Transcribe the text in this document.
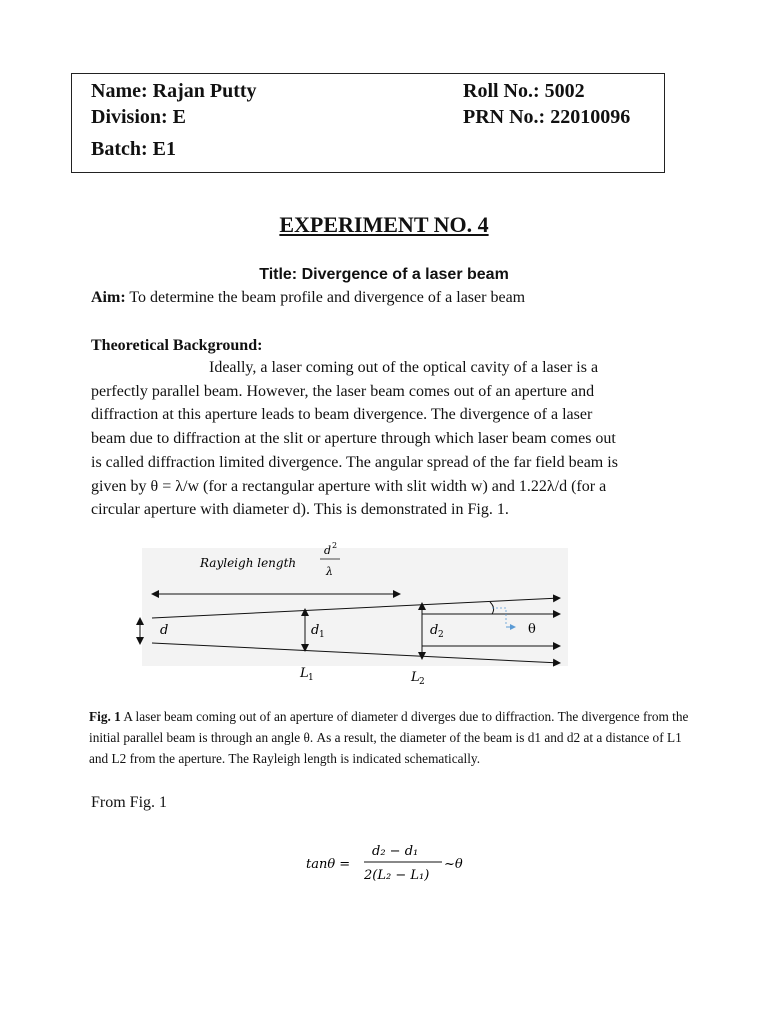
Name: Rajan Putty
Division: E
Batch: E1
Roll No.: 5002
PRN No.: 22010096
EXPERIMENT NO. 4
Title: Divergence of a laser beam
Aim: To determine the beam profile and divergence of a laser beam
Theoretical Background:
Ideally, a laser coming out of the optical cavity of a laser is a
perfectly parallel beam. However, the laser beam comes out of an aperture and
diffraction at this aperture leads to beam divergence. The divergence of a laser
beam due to diffraction at the slit or aperture through which laser beam comes out
is called diffraction limited divergence. The angular spread of the far field beam is
given by θ = λ/w (for a rectangular aperture with slit width w) and 1.22λ/d (for a
circular aperture with diameter d). This is demonstrated in Fig. 1.
Rayleigh length
d 2
λ
θ
d	d 1	d 2
L 1	L 2
Fig. 1 A laser beam coming out of an aperture of diameter d diverges due to diffraction. The divergence from the initial parallel beam is through an angle θ. As a result, the diameter of the beam is d1 and d2 at a distance of L1 and L2 from the aperture. The Rayleigh length is indicated schematically.
From Fig. 1
tanθ =
d₂ − d₁
2(L₂ − L₁)
~θ
